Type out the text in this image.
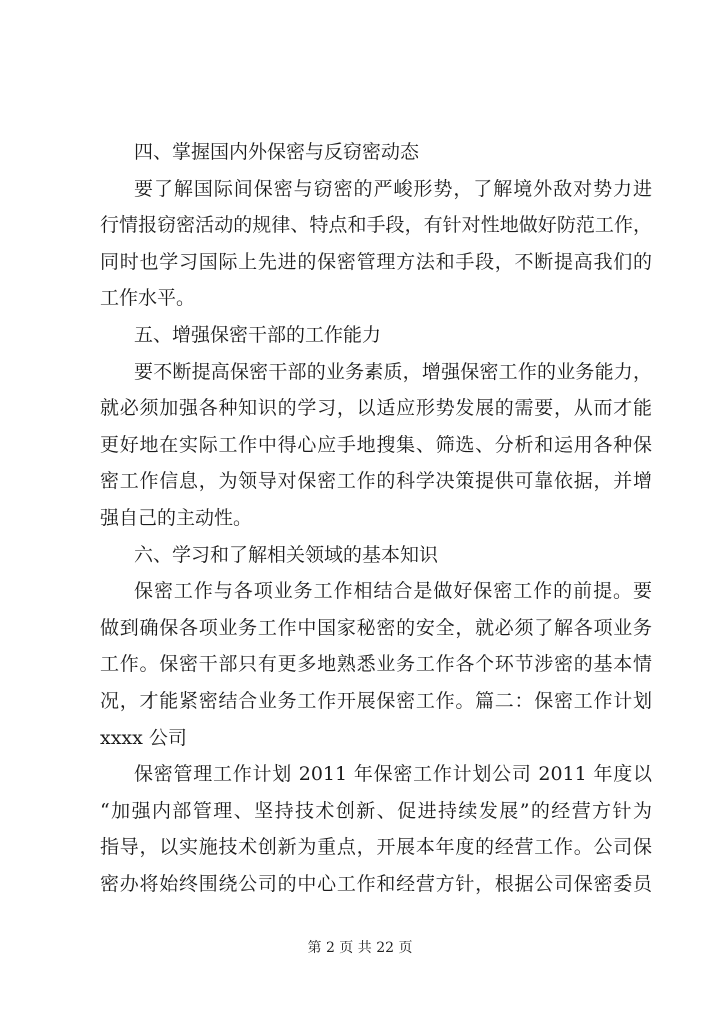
四、掌握国内外保密与反窃密动态
要了解国际间保密与窃密的严峻形势，了解境外敌对势力进
行情报窃密活动的规律、特点和手段，有针对性地做好防范工作，
同时也学习国际上先进的保密管理方法和手段，不断提高我们的
工作水平。
五、增强保密干部的工作能力
要不断提高保密干部的业务素质，增强保密工作的业务能力，
就必须加强各种知识的学习，以适应形势发展的需要，从而才能
更好地在实际工作中得心应手地搜集、筛选、分析和运用各种保
密工作信息，为领导对保密工作的科学决策提供可靠依据，并增
强自己的主动性。
六、学习和了解相关领域的基本知识
保密工作与各项业务工作相结合是做好保密工作的前提。要
做到确保各项业务工作中国家秘密的安全，就必须了解各项业务
工作。保密干部只有更多地熟悉业务工作各个环节涉密的基本情
况，才能紧密结合业务工作开展保密工作。篇二：保密工作计划
xxxx 公司
保密管理工作计划 2011 年保密工作计划公司 2011 年度以
“加强内部管理、坚持技术创新、促进持续发展”的经营方针为
指导，以实施技术创新为重点，开展本年度的经营工作。公司保
密办将始终围绕公司的中心工作和经营方针，根据公司保密委员
第 2 页 共 22 页
